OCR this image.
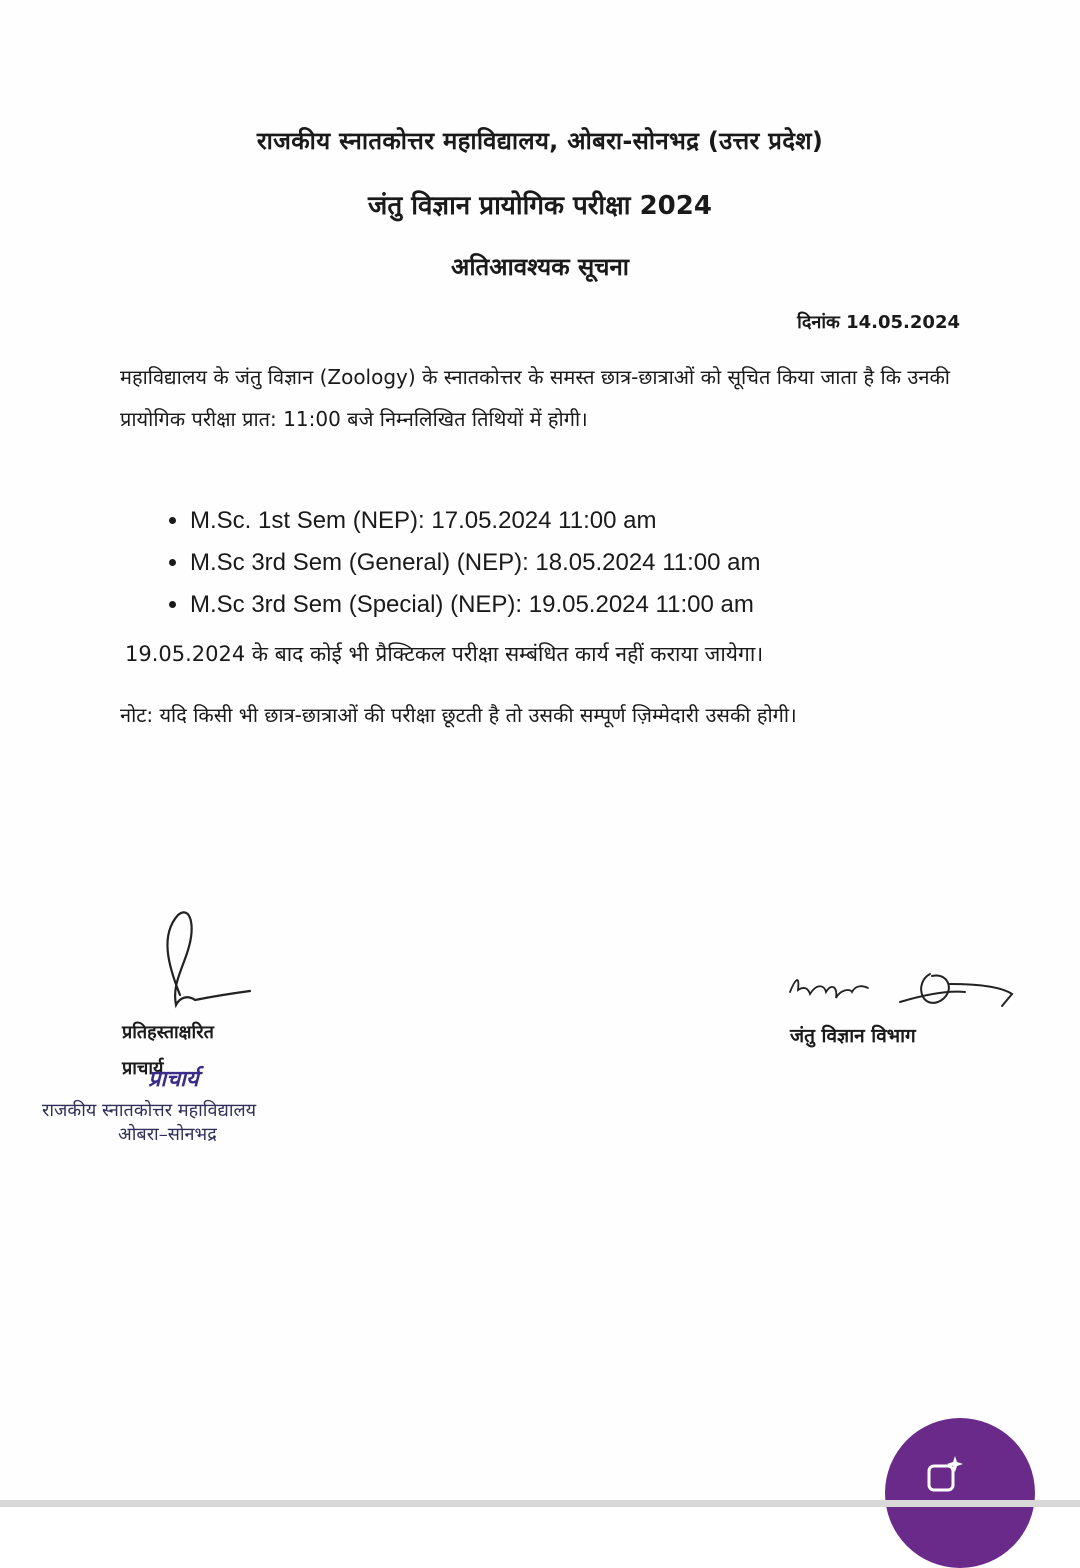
राजकीय स्नातकोत्तर महाविद्यालय, ओबरा-सोनभद्र (उत्तर प्रदेश)
जंतु विज्ञान प्रायोगिक परीक्षा 2024
अतिआवश्यक सूचना
दिनांक 14.05.2024
महाविद्यालय के जंतु विज्ञान (Zoology) के स्नातकोत्तर के समस्त छात्र-छात्राओं को सूचित किया जाता है कि उनकी प्रायोगिक परीक्षा प्रात: 11:00 बजे निम्नलिखित तिथियों में होगी।
• M.Sc. 1st Sem (NEP): 17.05.2024 11:00 am
• M.Sc 3rd Sem (General) (NEP): 18.05.2024 11:00 am
• M.Sc 3rd Sem (Special) (NEP): 19.05.2024 11:00 am
19.05.2024 के बाद कोई भी प्रैक्टिकल परीक्षा सम्बंधित कार्य नहीं कराया जायेगा।
नोट: यदि किसी भी छात्र-छात्राओं की परीक्षा छूटती है तो उसकी सम्पूर्ण ज़िम्मेदारी उसकी होगी।
प्रतिहस्ताक्षरित
प्राचार्य
प्राचार्य
राजकीय स्नातकोत्तर महाविद्यालय
ओबरा–सोनभद्र
जंतु विज्ञान विभाग
